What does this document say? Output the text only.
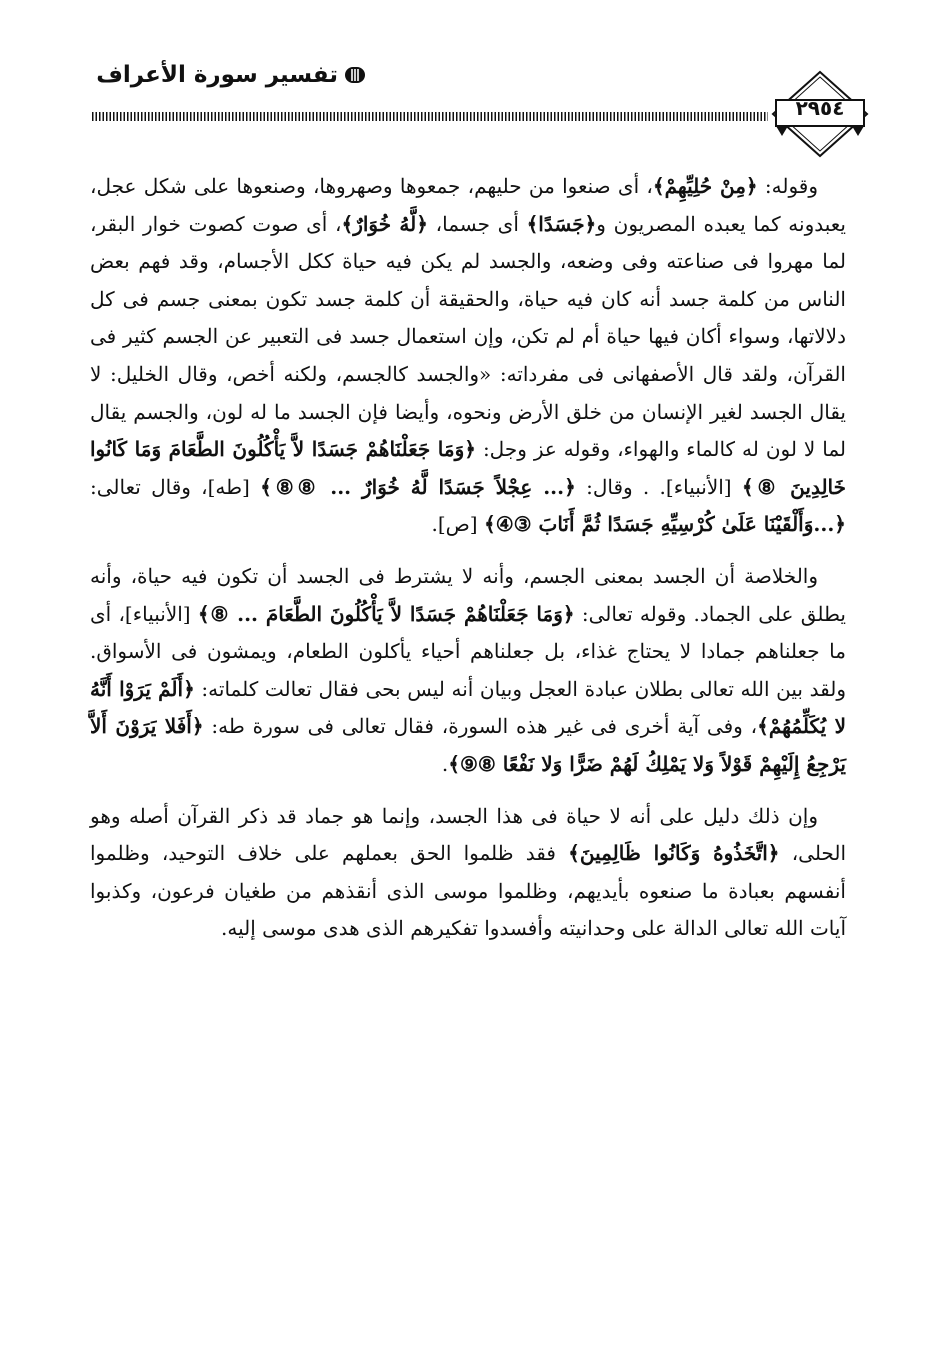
تفسير سورة الأعراف
٢٩٥٤

وقوله: ﴿مِنْ حُلِيِّهِمْ﴾، أى صنعوا من حليهم، جمعوها وصهروها، وصنعوها على شكل عجل، يعبدونه كما يعبده المصريون و﴿جَسَدًا﴾ أى جسما، ﴿لَّهُ خُوَارٌ﴾، أى صوت كصوت خوار البقر، لما مهروا فى صناعته وفى وضعه، والجسد لم يكن فيه حياة ككل الأجسام، وقد فهم بعض الناس من كلمة جسد أنه كان فيه حياة، والحقيقة أن كلمة جسد تكون بمعنى جسم فى كل دلالاتها، وسواء أكان فيها حياة أم لم تكن، وإن استعمال جسد فى التعبير عن الجسم كثير فى القرآن، ولقد قال الأصفهانى فى مفرداته: «والجسد كالجسم، ولكنه أخص، وقال الخليل: لا يقال الجسد لغير الإنسان من خلق الأرض ونحوه، وأيضا فإن الجسد ما له لون، والجسم يقال لما لا لون له كالماء والهواء، وقوله عز وجل: ﴿وَمَا جَعَلْنَاهُمْ جَسَدًا لاَّ يَأْكُلُونَ الطَّعَامَ وَمَا كَانُوا خَالِدِينَ ⑧﴾ [الأنبياء]. . وقال: ﴿... عِجْلاً جَسَدًا لَّهُ خُوَارٌ ... ⑧⑧﴾ [طه]، وقال تعالى: ﴿...وَأَلْقَيْنَا عَلَىٰ كُرْسِيِّهِ جَسَدًا ثُمَّ أَنَابَ ③④﴾ [ص].

والخلاصة أن الجسد بمعنى الجسم، وأنه لا يشترط فى الجسد أن تكون فيه حياة، وأنه يطلق على الجماد. وقوله تعالى: ﴿وَمَا جَعَلْنَاهُمْ جَسَدًا لاَّ يَأْكُلُونَ الطَّعَامَ ... ⑧﴾ [الأنبياء]، أى ما جعلناهم جمادا لا يحتاج غذاء، بل جعلناهم أحياء يأكلون الطعام، ويمشون فى الأسواق. ولقد بين الله تعالى بطلان عبادة العجل وبيان أنه ليس بحى فقال تعالت كلماته: ﴿أَلَمْ يَرَوْا أَنَّهُ لا يُكَلِّمُهُمْ﴾، وفى آية أخرى فى غير هذه السورة، فقال تعالى فى سورة طه: ﴿أَفَلا يَرَوْنَ أَلاَّ يَرْجِعُ إِلَيْهِمْ قَوْلاً وَلا يَمْلِكُ لَهُمْ ضَرًّا وَلا نَفْعًا ⑧⑨﴾.

وإن ذلك دليل على أنه لا حياة فى هذا الجسد، وإنما هو جماد قد ذكر القرآن أصله وهو الحلى، ﴿اتَّخَذُوهُ وَكَانُوا ظَالِمِينَ﴾ فقد ظلموا الحق بعملهم على خلاف التوحيد، وظلموا أنفسهم بعبادة ما صنعوه بأيديهم، وظلموا موسى الذى أنقذهم من طغيان فرعون، وكذبوا آيات الله تعالى الدالة على وحدانيته وأفسدوا تفكيرهم الذى هدى موسى إليه.
